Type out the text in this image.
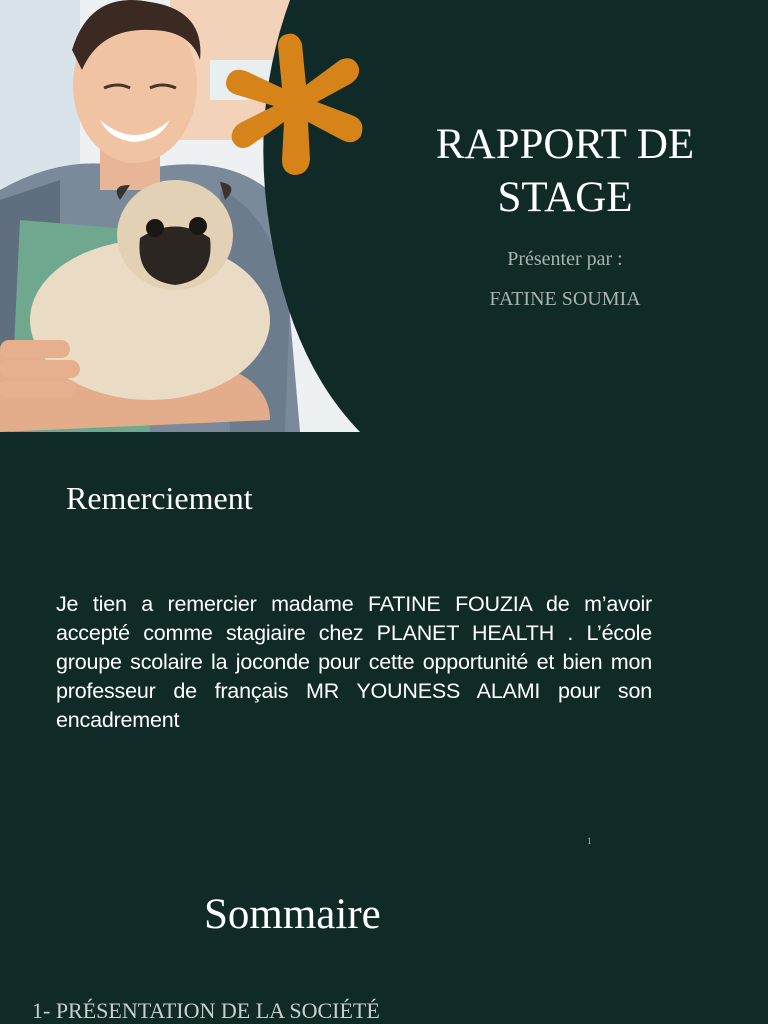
RAPPORT DE
STAGE
Présenter par :
FATINE SOUMIA
Remerciement
Je tien a remercier madame FATINE FOUZIA de m’avoir accepté comme stagiaire chez PLANET HEALTH . L’école groupe scolaire la joconde pour cette opportunité et bien mon professeur de français MR YOUNESS ALAMI pour son encadrement
1
Sommaire
1- PRÉSENTATION DE LA SOCIÉTÉ
